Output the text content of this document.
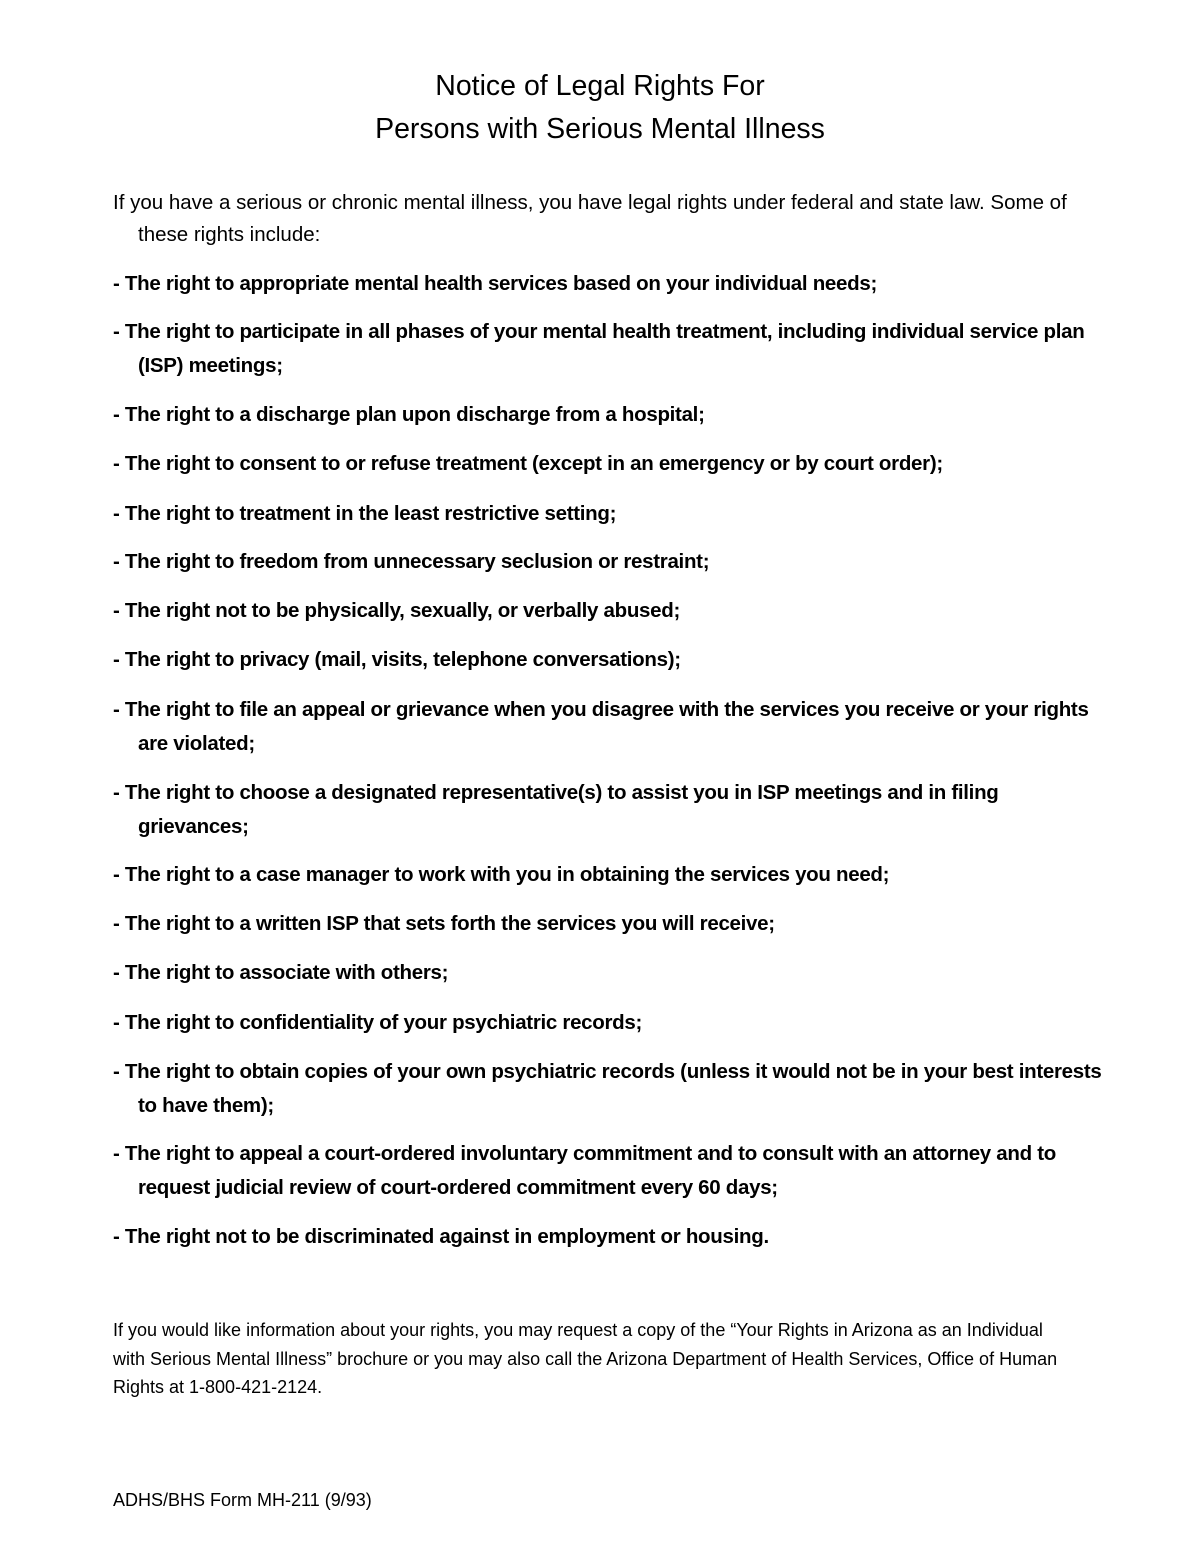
Notice of Legal Rights For
Persons with Serious Mental Illness

If you have a serious or chronic mental illness, you have legal rights under federal and state law. Some of these rights include:

- The right to appropriate mental health services based on your individual needs;
- The right to participate in all phases of your mental health treatment, including individual service plan (ISP) meetings;
- The right to a discharge plan upon discharge from a hospital;
- The right to consent to or refuse treatment (except in an emergency or by court order);
- The right to treatment in the least restrictive setting;
- The right to freedom from unnecessary seclusion or restraint;
- The right not to be physically, sexually, or verbally abused;
- The right to privacy (mail, visits, telephone conversations);
- The right to file an appeal or grievance when you disagree with the services you receive or your rights are violated;
- The right to choose a designated representative(s) to assist you in ISP meetings and in filing grievances;
- The right to a case manager to work with you in obtaining the services you need;
- The right to a written ISP that sets forth the services you will receive;
- The right to associate with others;
- The right to confidentiality of your psychiatric records;
- The right to obtain copies of your own psychiatric records (unless it would not be in your best interests to have them);
- The right to appeal a court-ordered involuntary commitment and to consult with an attorney and to request judicial review of court-ordered commitment every 60 days;
- The right not to be discriminated against in employment or housing.

If you would like information about your rights, you may request a copy of the “Your Rights in Arizona as an Individual with Serious Mental Illness” brochure or you may also call the Arizona Department of Health Services, Office of Human Rights at 1-800-421-2124.

ADHS/BHS Form MH-211 (9/93)
